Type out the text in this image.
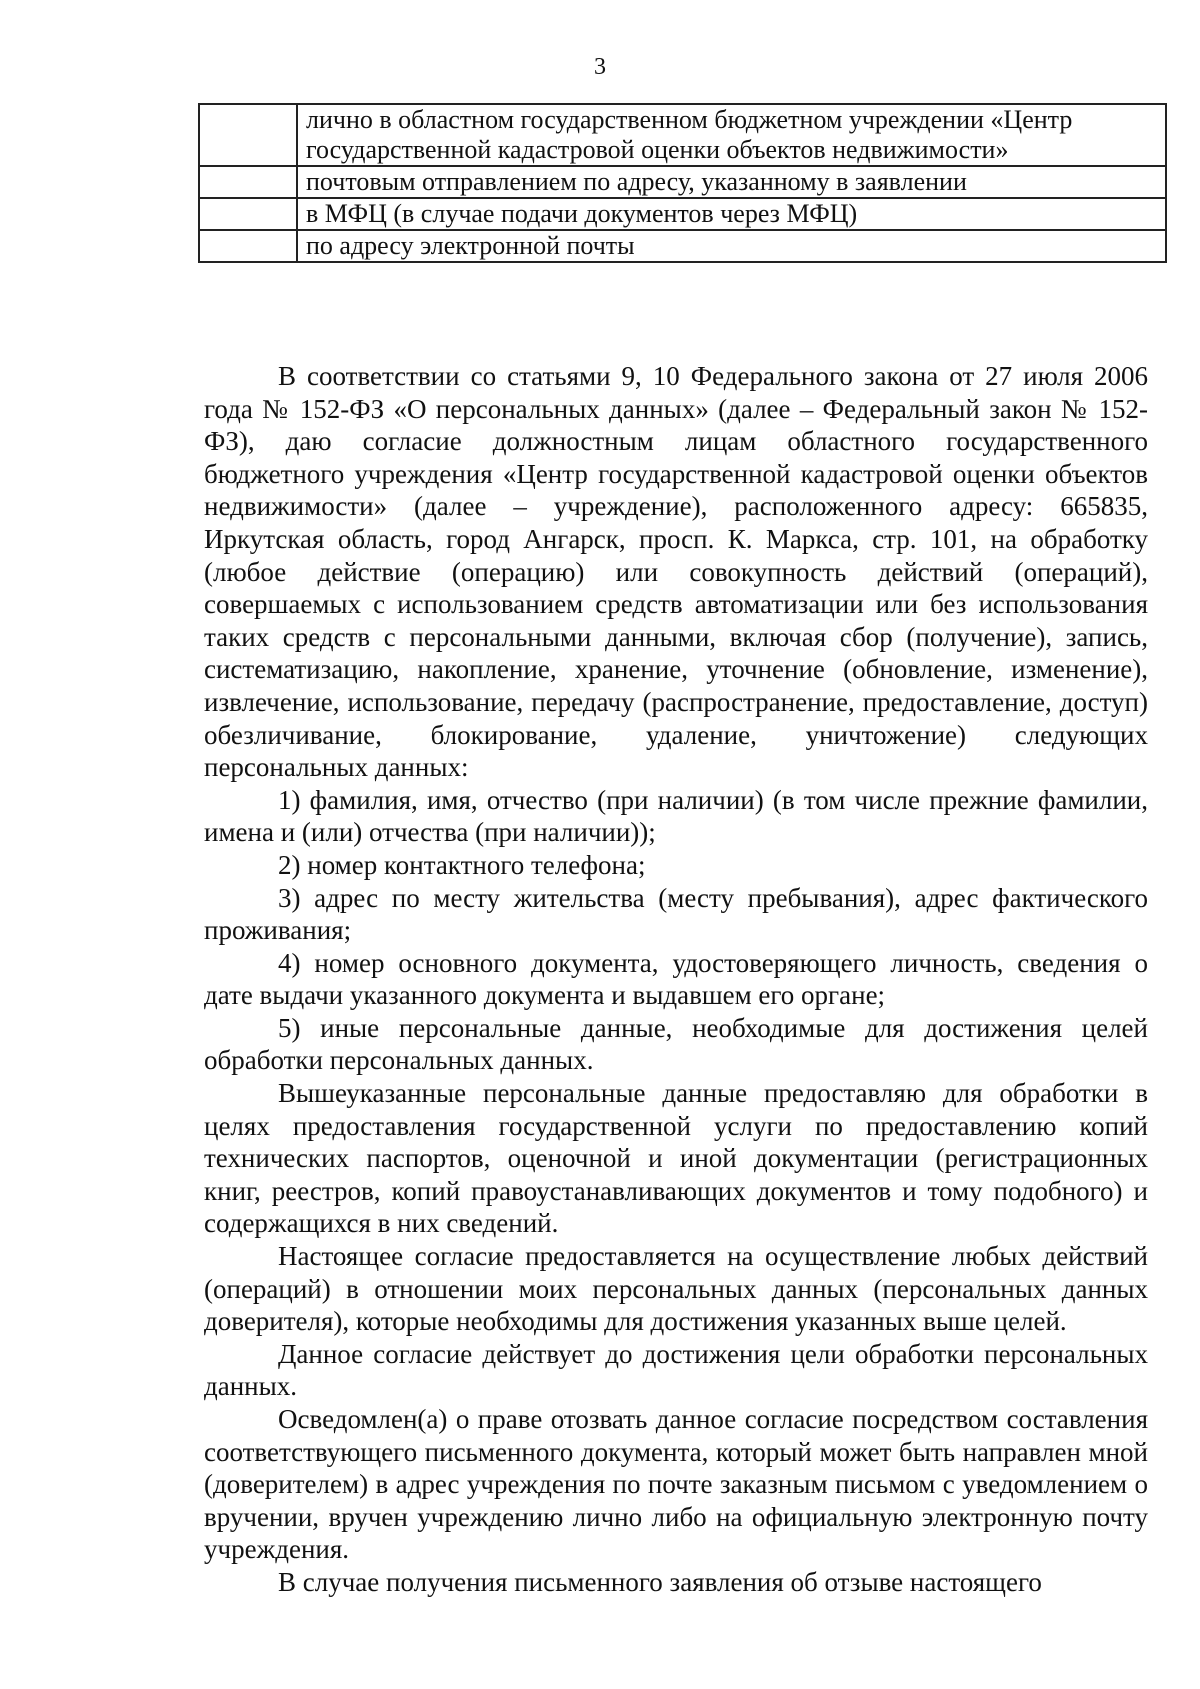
3
	лично в областном государственном бюджетном учреждении «Центр государственной кадастровой оценки объектов недвижимости»
	почтовым отправлением по адресу, указанному в заявлении
	в МФЦ (в случае подачи документов через МФЦ)
	по адресу электронной почты

В соответствии со статьями 9, 10 Федерального закона от 27 июля 2006 года № 152-ФЗ «О персональных данных» (далее – Федеральный закон № 152-ФЗ), даю согласие должностным лицам областного государственного бюджетного учреждения «Центр государственной кадастровой оценки объектов недвижимости» (далее – учреждение), расположенного адресу: 665835, Иркутская область, город Ангарск, просп. К. Маркса, стр. 101, на обработку (любое действие (операцию) или совокупность действий (операций), совершаемых с использованием средств автоматизации или без использования таких средств с персональными данными, включая сбор (получение), запись, систематизацию, накопление, хранение, уточнение (обновление, изменение), извлечение, использование, передачу (распространение, предоставление, доступ) обезличивание, блокирование, удаление, уничтожение) следующих персональных данных:

1) фамилия, имя, отчество (при наличии) (в том числе прежние фамилии, имена и (или) отчества (при наличии));

2) номер контактного телефона;

3) адрес по месту жительства (месту пребывания), адрес фактического проживания;

4) номер основного документа, удостоверяющего личность, сведения о дате выдачи указанного документа и выдавшем его органе;

5) иные персональные данные, необходимые для достижения целей обработки персональных данных.

Вышеуказанные персональные данные предоставляю для обработки в целях предоставления государственной услуги по предоставлению копий технических паспортов, оценочной и иной документации (регистрационных книг, реестров, копий правоустанавливающих документов и тому подобного) и содержащихся в них сведений.

Настоящее согласие предоставляется на осуществление любых действий (операций) в отношении моих персональных данных (персональных данных доверителя), которые необходимы для достижения указанных выше целей.

Данное согласие действует до достижения цели обработки персональных данных.

Осведомлен(а) о праве отозвать данное согласие посредством составления соответствующего письменного документа, который может быть направлен мной (доверителем) в адрес учреждения по почте заказным письмом с уведомлением о вручении, вручен учреждению лично либо на официальную электронную почту учреждения.

В случае получения письменного заявления об отзыве настоящего
